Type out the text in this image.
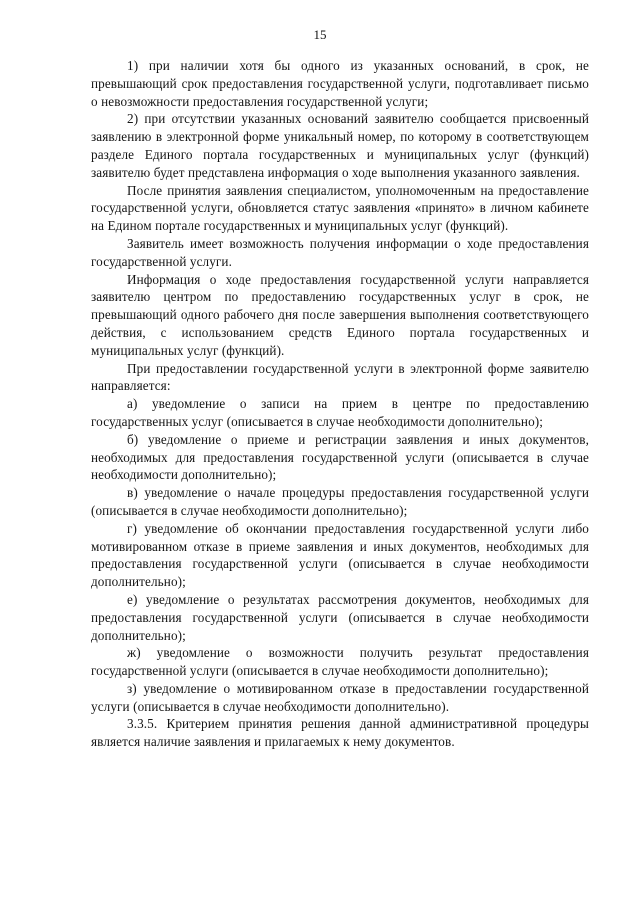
15

1) при наличии хотя бы одного из указанных оснований, в срок, не превышающий срок предоставления государственной услуги, подготавливает письмо о невозможности предоставления государственной услуги;

2) при отсутствии указанных оснований заявителю сообщается присвоенный заявлению в электронной форме уникальный номер, по которому в соответствующем разделе Единого портала государственных и муниципальных услуг (функций) заявителю будет представлена информация о ходе выполнения указанного заявления.

После принятия заявления специалистом, уполномоченным на предоставление государственной услуги, обновляется статус заявления «принято» в личном кабинете на Едином портале государственных и муниципальных услуг (функций).

Заявитель имеет возможность получения информации о ходе предоставления государственной услуги.

Информация о ходе предоставления государственной услуги направляется заявителю центром по предоставлению государственных услуг в срок, не превышающий одного рабочего дня после завершения выполнения соответствующего действия, с использованием средств Единого портала государственных и муниципальных услуг (функций).

При предоставлении государственной услуги в электронной форме заявителю направляется:

а) уведомление о записи на прием в центре по предоставлению государственных услуг (описывается в случае необходимости дополнительно);

б) уведомление о приеме и регистрации заявления и иных документов, необходимых для предоставления государственной услуги (описывается в случае необходимости дополнительно);

в) уведомление о начале процедуры предоставления государственной услуги (описывается в случае необходимости дополнительно);

г) уведомление об окончании предоставления государственной услуги либо мотивированном отказе в приеме заявления и иных документов, необходимых для предоставления государственной услуги (описывается в случае необходимости дополнительно);

е) уведомление о результатах рассмотрения документов, необходимых для предоставления государственной услуги (описывается в случае необходимости дополнительно);

ж) уведомление о возможности получить результат предоставления государственной услуги (описывается в случае необходимости дополнительно);

з) уведомление о мотивированном отказе в предоставлении государственной услуги (описывается в случае необходимости дополнительно).

3.3.5. Критерием принятия решения данной административной процедуры является наличие заявления и прилагаемых к нему документов.
